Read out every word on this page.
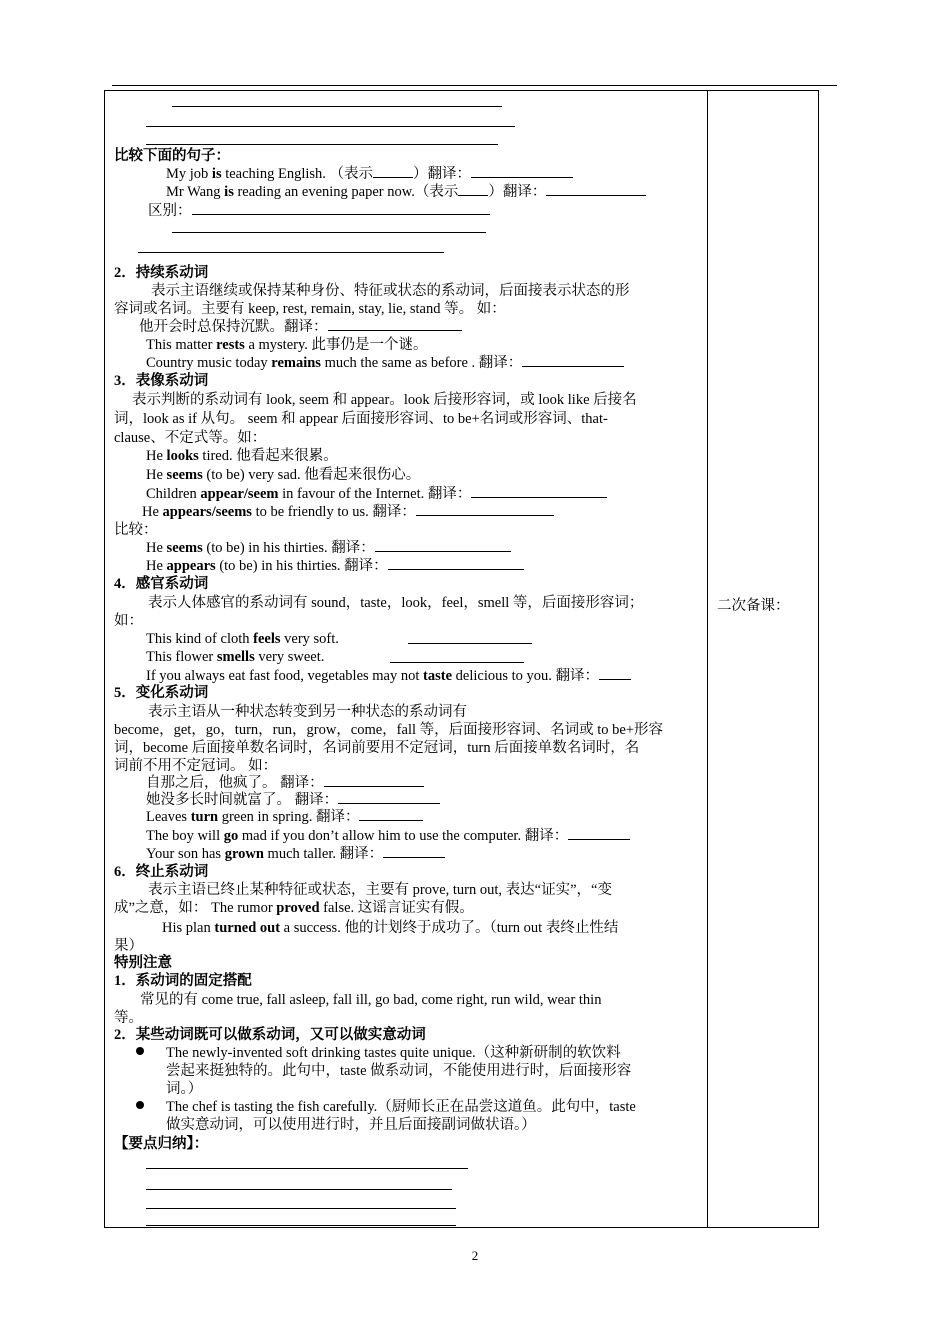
二次备课：
比较下面的句子：
My job is teaching English. （表示	）翻译：
Mr Wang is reading an evening paper now.（表示 ）翻译：
区别：
2．持续系动词
表示主语继续或保持某种身份、特征或状态的系动词，后面接表示状态的形
容词或名词。主要有 keep, rest, remain, stay, lie, stand 等。 如：
他开会时总保持沉默。翻译：
This matter rests a mystery. 此事仍是一个谜。
Country music today remains much the same as before . 翻译：
3．表像系动词
表示判断的系动词有 look, seem 和 appear。look 后接形容词，或 look like 后接名
词，look as if 从句。 seem 和 appear 后面接形容词、to be+名词或形容词、that-
clause、不定式等。如：
He looks tired. 他看起来很累。
He seems (to be) very sad. 他看起来很伤心。
Children appear/seem in favour of the Internet. 翻译：
He appears/seems to be friendly to us. 翻译：
比较：
He seems (to be) in his thirties. 翻译：
He appears (to be) in his thirties. 翻译：
4．感官系动词
表示人体感官的系动词有 sound，taste，look，feel，smell 等，后面接形容词；
如：
This kind of cloth feels very soft.
This flower smells very sweet.
If you always eat fast food, vegetables may not taste delicious to you. 翻译：
5．变化系动词
表示主语从一种状态转变到另一种状态的系动词有
become，get，go，turn，run，grow，come，fall 等，后面接形容词、名词或 to be+形容
词，become 后面接单数名词时，名词前要用不定冠词，turn 后面接单数名词时，名
词前不用不定冠词。 如：
自那之后，他疯了。 翻译：
她没多长时间就富了。 翻译：
Leaves turn green in spring. 翻译：
The boy will go mad if you don’t allow him to use the computer. 翻译：
Your son has grown much taller. 翻译：
6．终止系动词
表示主语已终止某种特征或状态，主要有 prove, turn out, 表达“证实”，“变
成”之意，如： The rumor proved false. 这谣言证实有假。
His plan turned out a success. 他的计划终于成功了。（turn out 表终止性结
果）
特别注意
1．系动词的固定搭配
常见的有 come true, fall asleep, fall ill, go bad, come right, run wild, wear thin
等。
2．某些动词既可以做系动词，又可以做实意动词
The newly-invented soft drinking tastes quite unique.（这种新研制的软饮料
尝起来挺独特的。此句中，taste 做系动词，不能使用进行时，后面接形容
词。）
The chef is tasting the fish carefully.（厨师长正在品尝这道鱼。此句中，taste
做实意动词，可以使用进行时，并且后面接副词做状语。）
【要点归纳】：
2
